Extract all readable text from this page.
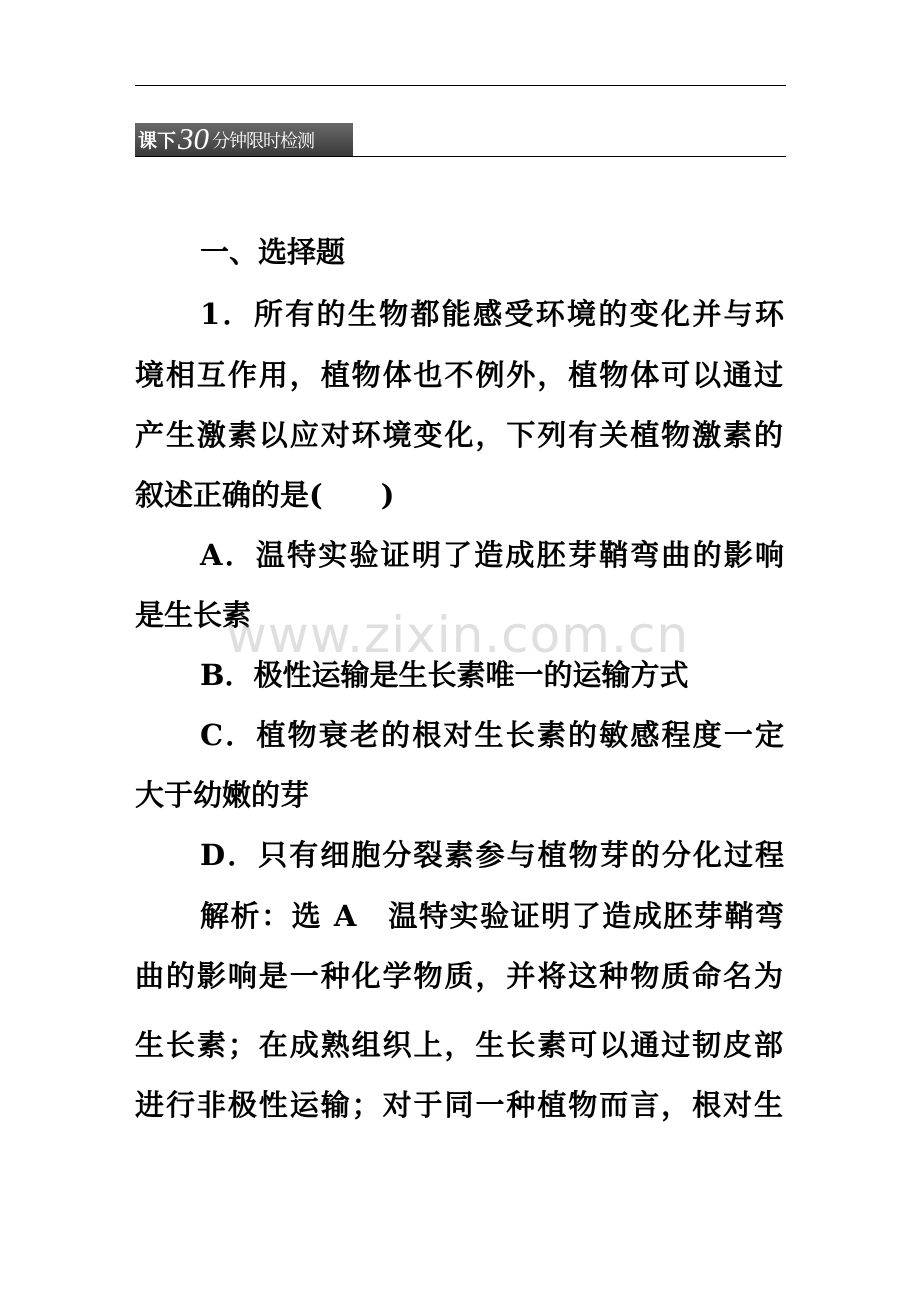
课下 30 分钟限时检测
一、选择题
1．所有的生物都能感受环境的变化并与环
境相互作用，植物体也不例外，植物体可以通过
产生激素以应对环境变化，下列有关植物激素的
叙述正确的是(　　)
A．温特实验证明了造成胚芽鞘弯曲的影响
是生长素
B．极性运输是生长素唯一的运输方式
C．植物衰老的根对生长素的敏感程度一定
大于幼嫩的芽
D．只有细胞分裂素参与植物芽的分化过程
解析：选 A　温特实验证明了造成胚芽鞘弯
曲的影响是一种化学物质，并将这种物质命名为
生长素；在成熟组织上，生长素可以通过韧皮部
进行非极性运输；对于同一种植物而言，根对生
www.zixin.com.cn
